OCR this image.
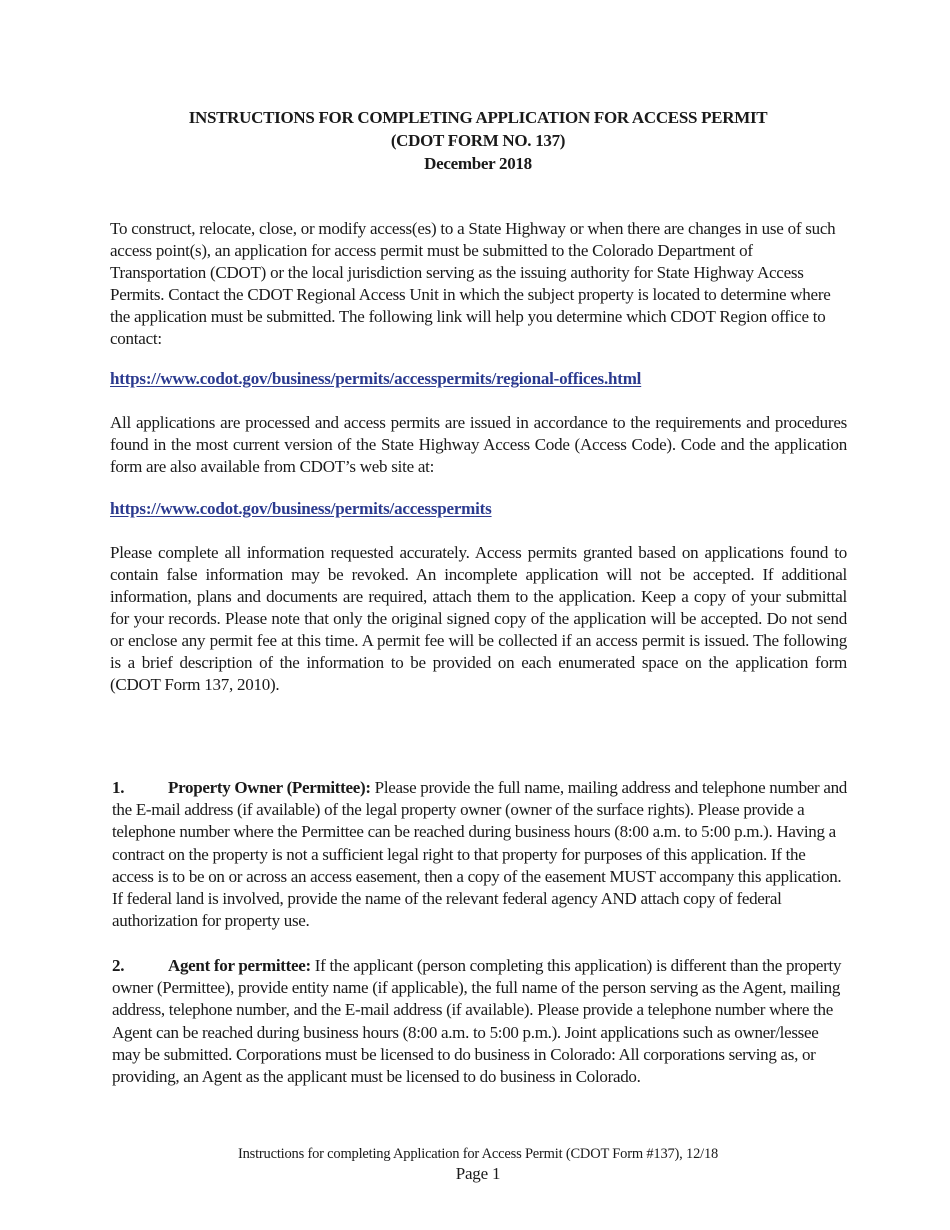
INSTRUCTIONS FOR COMPLETING APPLICATION FOR ACCESS PERMIT
(CDOT FORM NO. 137)
December 2018
To construct, relocate, close, or modify access(es) to a State Highway or when there are changes in use of such access point(s), an application for access permit must be submitted to the Colorado Department of Transportation (CDOT) or the local jurisdiction serving as the issuing authority for State Highway Access Permits. Contact the CDOT Regional Access Unit in which the subject property is located to determine where the application must be submitted. The following link will help you determine which CDOT Region office to contact:
https://www.codot.gov/business/permits/accesspermits/regional-offices.html
All applications are processed and access permits are issued in accordance to the requirements and procedures found in the most current version of the State Highway Access Code (Access Code). Code and the application form are also available from CDOT’s web site at:
https://www.codot.gov/business/permits/accesspermits
Please complete all information requested accurately. Access permits granted based on applications found to contain false information may be revoked. An incomplete application will not be accepted. If additional information, plans and documents are required, attach them to the application. Keep a copy of your submittal for your records. Please note that only the original signed copy of the application will be accepted. Do not send or enclose any permit fee at this time. A permit fee will be collected if an access permit is issued. The following is a brief description of the information to be provided on each enumerated space on the application form (CDOT Form 137, 2010).
1.	Property Owner (Permittee): Please provide the full name, mailing address and telephone number and the E-mail address (if available) of the legal property owner (owner of the surface rights). Please provide a telephone number where the Permittee can be reached during business hours (8:00 a.m. to 5:00 p.m.). Having a contract on the property is not a sufficient legal right to that property for purposes of this application. If the access is to be on or across an access easement, then a copy of the easement MUST accompany this application. If federal land is involved, provide the name of the relevant federal agency AND attach copy of federal authorization for property use.
2.	Agent for permittee: If the applicant (person completing this application) is different than the property owner (Permittee), provide entity name (if applicable), the full name of the person serving as the Agent, mailing address, telephone number, and the E-mail address (if available). Please provide a telephone number where the Agent can be reached during business hours (8:00 a.m. to 5:00 p.m.). Joint applications such as owner/lessee may be submitted. Corporations must be licensed to do business in Colorado: All corporations serving as, or providing, an Agent as the applicant must be licensed to do business in Colorado.
Instructions for completing Application for Access Permit (CDOT Form #137), 12/18
Page 1
